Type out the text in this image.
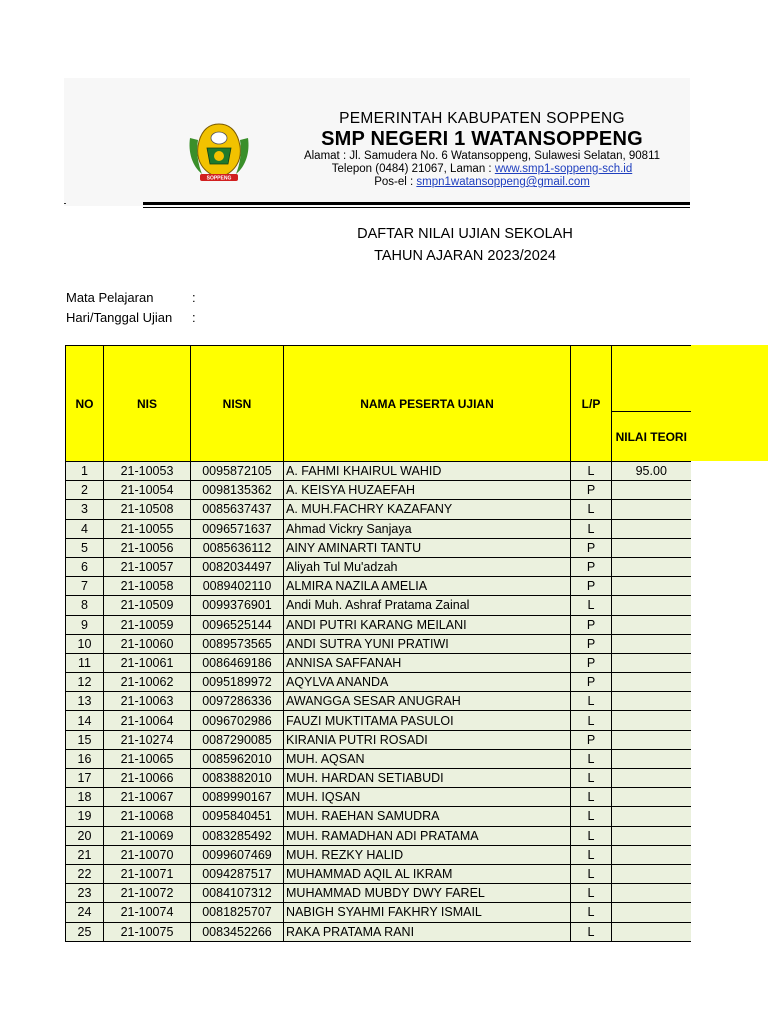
SOPPENG
PEMERINTAH KABUPATEN SOPPENG
SMP NEGERI 1 WATANSOPPENG
Alamat : Jl. Samudera No. 6 Watansoppeng, Sulawesi Selatan, 90811
Telepon (0484) 21067, Laman : www.smp1-soppeng-sch.id
Pos-el : smpn1watansoppeng@gmail.com
DAFTAR NILAI UJIAN SEKOLAH
TAHUN AJARAN 2023/2024
Mata Pelajaran	:
Hari/Tanggal Ujian :
NO	NIS	NISN	NAMA PESERTA UJIAN	L/P	
					NILAI TEORI
1	21-10053	0095872105	A. FAHMI KHAIRUL WAHID	L	95.00
2	21-10054	0098135362	A. KEISYA HUZAEFAH	P	
3	21-10508	0085637437	A. MUH.FACHRY KAZAFANY	L	
4	21-10055	0096571637	Ahmad Vickry Sanjaya	L	
5	21-10056	0085636112	AINY AMINARTI TANTU	P	
6	21-10057	0082034497	Aliyah Tul Mu'adzah	P	
7	21-10058	0089402110	ALMIRA NAZILA AMELIA	P	
8	21-10509	0099376901	Andi Muh. Ashraf Pratama Zainal	L	
9	21-10059	0096525144	ANDI PUTRI KARANG MEILANI	P	
10	21-10060	0089573565	ANDI SUTRA YUNI PRATIWI	P	
11	21-10061	0086469186	ANNISA SAFFANAH	P	
12	21-10062	0095189972	AQYLVA ANANDA	P	
13	21-10063	0097286336	AWANGGA SESAR ANUGRAH	L	
14	21-10064	0096702986	FAUZI MUKTITAMA PASULOI	L	
15	21-10274	0087290085	KIRANIA PUTRI ROSADI	P	
16	21-10065	0085962010	MUH. AQSAN	L	
17	21-10066	0083882010	MUH. HARDAN SETIABUDI	L	
18	21-10067	0089990167	MUH. IQSAN	L	
19	21-10068	0095840451	MUH. RAEHAN SAMUDRA	L	
20	21-10069	0083285492	MUH. RAMADHAN ADI PRATAMA	L	
21	21-10070	0099607469	MUH. REZKY HALID	L	
22	21-10071	0094287517	MUHAMMAD AQIL AL IKRAM	L	
23	21-10072	0084107312	MUHAMMAD MUBDY DWY FAREL	L	
24	21-10074	0081825707	NABIGH SYAHMI FAKHRY ISMAIL	L	
25	21-10075	0083452266	RAKA PRATAMA RANI	L	
